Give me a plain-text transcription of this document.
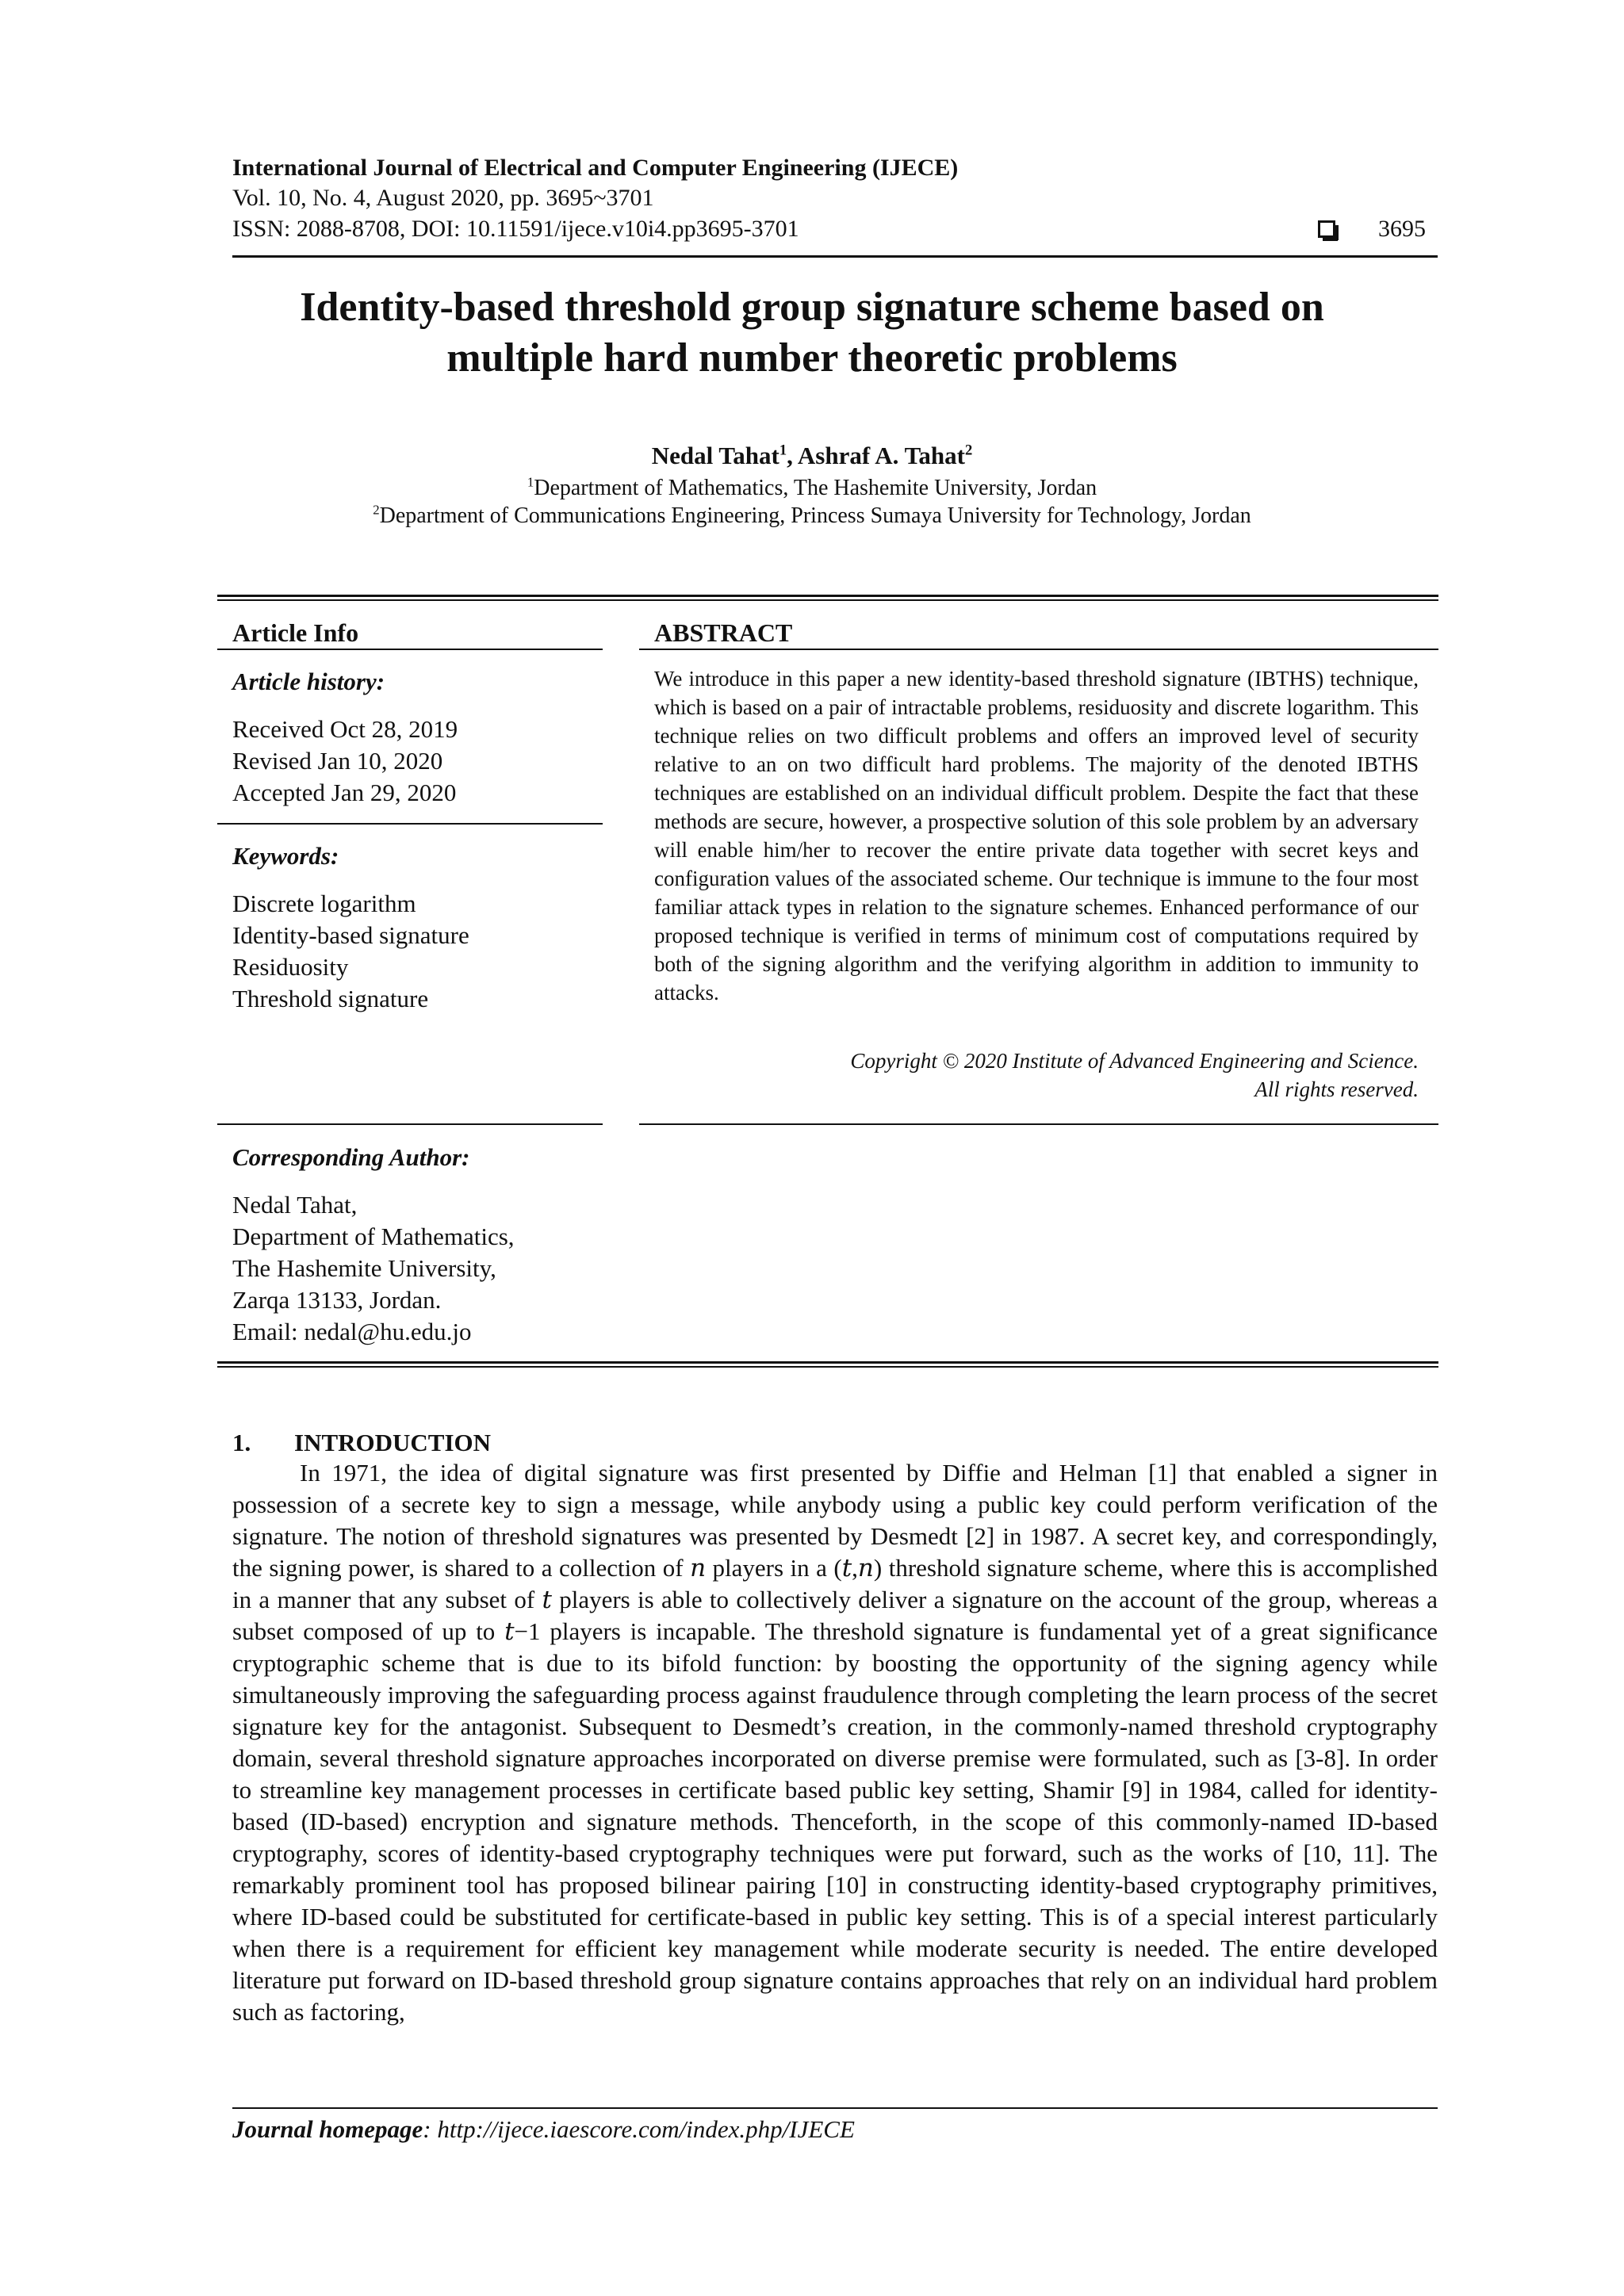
International Journal of Electrical and Computer Engineering (IJECE)
Vol. 10, No. 4, August 2020, pp. 3695~3701
ISSN: 2088-8708, DOI: 10.11591/ijece.v10i4.pp3695-3701	3695
Identity-based threshold group signature scheme based on
multiple hard number theoretic problems
Nedal Tahat$^1$, Ashraf A. Tahat$^2$
$^1$Department of Mathematics, The Hashemite University, Jordan
$^2$Department of Communications Engineering, Princess Sumaya University for Technology, Jordan
Article Info
Article history:
Received Oct 28, 2019
Revised Jan 10, 2020
Accepted Jan 29, 2020
Keywords:
Discrete logarithm
Identity-based signature
Residuosity
Threshold signature
Corresponding Author:
Nedal Tahat,
Department of Mathematics,
The Hashemite University,
Zarqa 13133, Jordan.
Email: nedal@hu.edu.jo
ABSTRACT
We introduce in this paper a new identity-based threshold signature (IBTHS) technique, which is based on a pair of intractable problems, residuosity and discrete logarithm. This technique relies on two difficult problems and offers an improved level of security relative to an on two difficult hard problems. The majority of the denoted IBTHS techniques are established on an individual difficult problem. Despite the fact that these methods are secure, however, a prospective solution of this sole problem by an adversary will enable him/her to recover the entire private data together with secret keys and configuration values of the associated scheme. Our technique is immune to the four most familiar attack types in relation to the signature schemes. Enhanced performance of our proposed technique is verified in terms of minimum cost of computations required by both of the signing algorithm and the verifying algorithm in addition to immunity to attacks.
Copyright © 2020 Institute of Advanced Engineering and Science.
All rights reserved.
1. INTRODUCTION

In 1971, the idea of digital signature was first presented by Diffie and Helman [1] that enabled a signer in possession of a secrete key to sign a message, while anybody using a public key could perform verification of the signature. The notion of threshold signatures was presented by Desmedt [2] in 1987. A secret key, and correspondingly, the signing power, is shared to a collection of 𝑛 players in a (𝑡,𝑛) threshold signature scheme, where this is accomplished in a manner that any subset of 𝑡 players is able to collectively deliver a signature on the account of the group, whereas a subset composed of up to 𝑡−1 players is incapable. The threshold signature is fundamental yet of a great significance cryptographic scheme that is due to its bifold function: by boosting the opportunity of the signing agency while simultaneously improving the safeguarding process against fraudulence through completing the learn process of the secret signature key for the antagonist. Subsequent to Desmedt’s creation, in the commonly-named threshold cryptography domain, several threshold signature approaches incorporated on diverse premise were formulated, such as [3-8]. In order to streamline key management processes in certificate based public key setting, Shamir [9] in 1984, called for identity-based (ID-based) encryption and signature methods. Thenceforth, in the scope of this commonly-named ID-based cryptography, scores of identity-based cryptography techniques were put forward, such as the works of [10, 11]. The remarkably prominent tool has proposed bilinear pairing [10] in constructing identity-based cryptography primitives, where ID-based could be substituted for certificate-based in public key setting. This is of a special interest particularly when there is a requirement for efficient key management while moderate security is needed. The entire developed literature put forward on ID-based threshold group signature contains approaches that rely on an individual hard problem such as factoring,

Journal homepage: http://ijece.iaescore.com/index.php/IJECE
